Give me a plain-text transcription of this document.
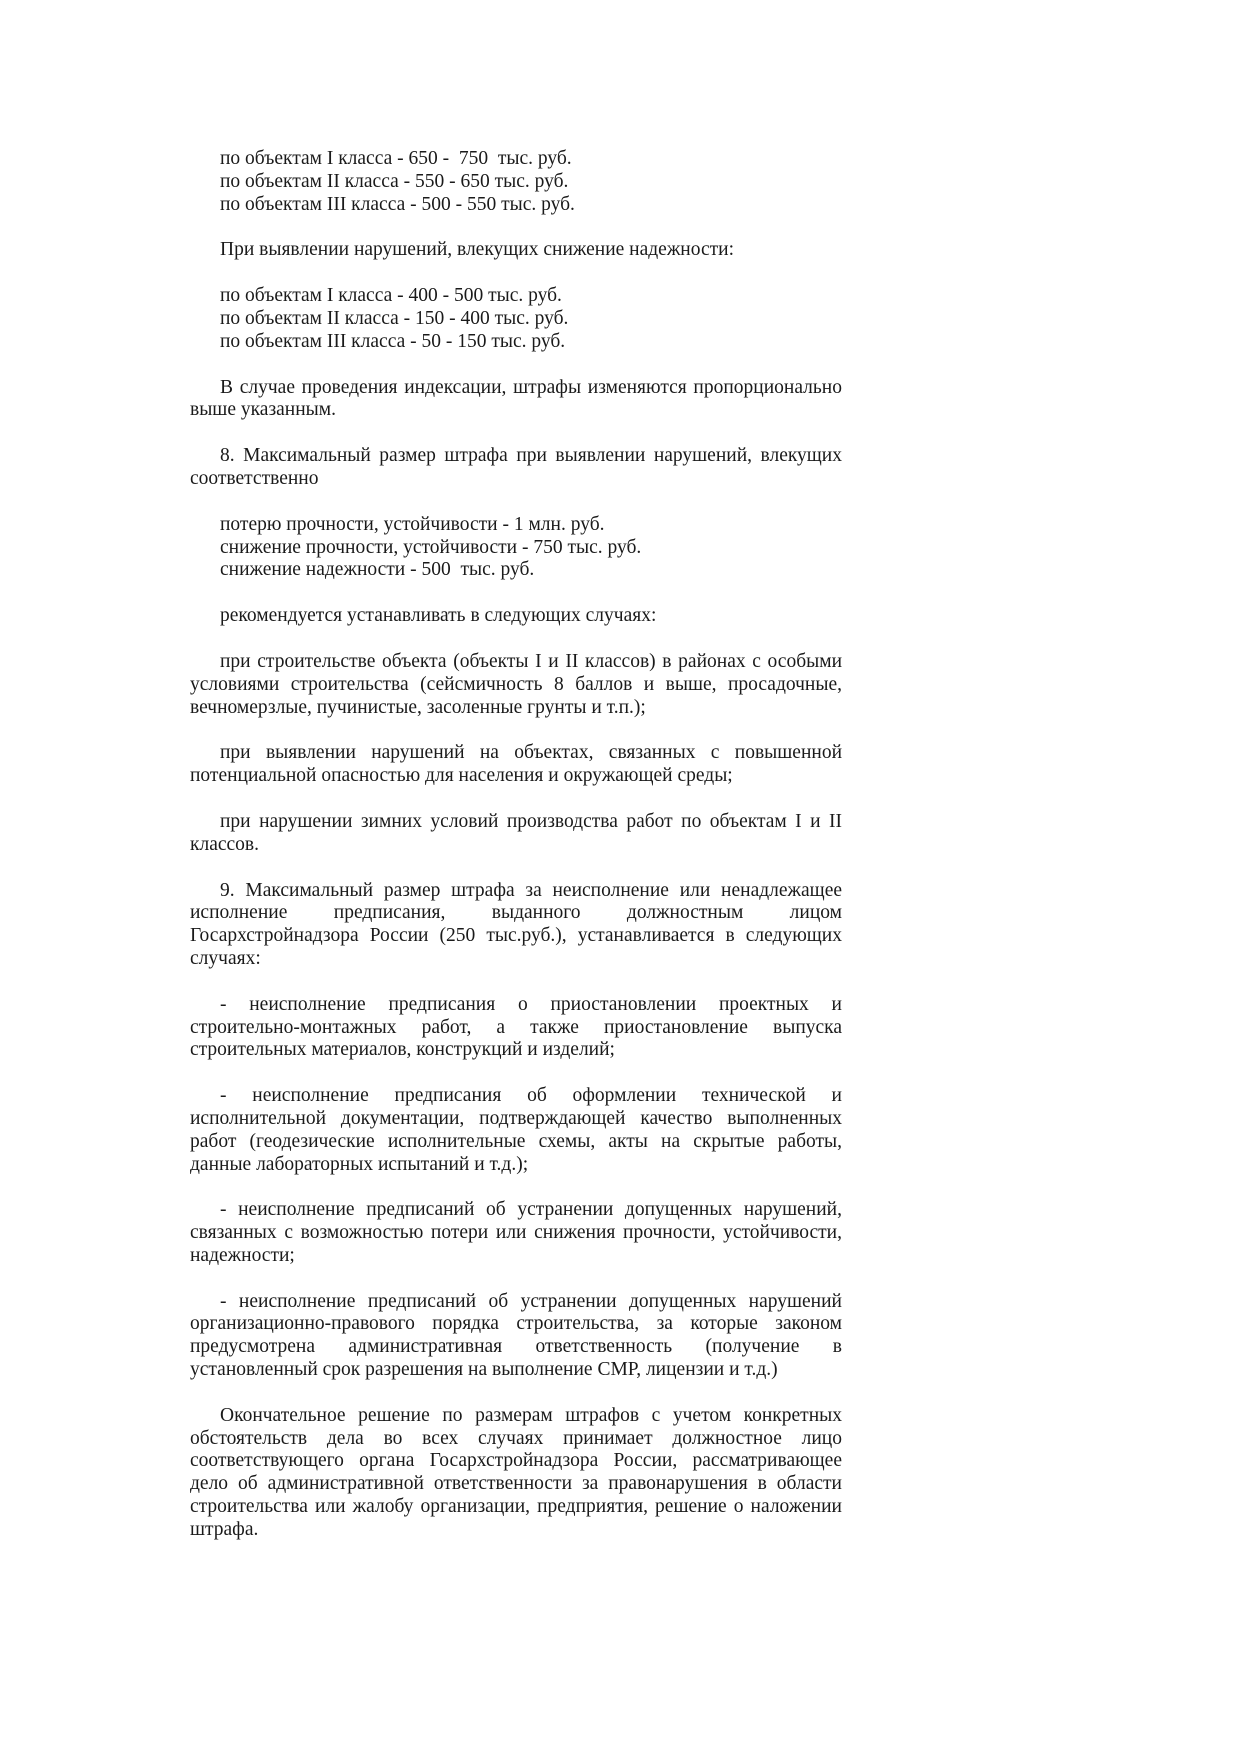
по объектам I класса - 650 -  750  тыс. руб.

по объектам II класса - 550 - 650 тыс. руб.

по объектам III класса - 500 - 550 тыс. руб.

При выявлении нарушений, влекущих снижение надежности:

по объектам I класса - 400 - 500 тыс. руб.

по объектам II класса - 150 - 400 тыс. руб.

по объектам III класса - 50 - 150 тыс. руб.

В случае проведения индексации, штрафы изменяются пропорционально выше указанным.

8. Максимальный размер штрафа при выявлении нарушений, влекущих соответственно

потерю прочности, устойчивости - 1 млн. руб.

снижение прочности, устойчивости - 750 тыс. руб.

снижение надежности - 500  тыс. руб.

рекомендуется устанавливать в следующих случаях:

при строительстве объекта (объекты I и II классов) в районах с особыми условиями строительства (сейсмичность 8 баллов и выше, просадочные, вечномерзлые, пучинистые, засоленные грунты и т.п.);

при выявлении нарушений на объектах, связанных с повышенной потенциальной опасностью для населения и окружающей среды;

при нарушении зимних условий производства работ по объектам I и II классов.

9. Максимальный размер штрафа за неисполнение или ненадлежащее исполнение предписания, выданного должностным лицом Госархстройнадзора России (250 тыс.руб.), устанавливается в следующих случаях:

- неисполнение предписания о приостановлении проектных и строительно-монтажных работ, а также приостановление выпуска строительных материалов, конструкций и изделий;

- неисполнение предписания об оформлении технической и исполнительной документации, подтверждающей качество выполненных работ (геодезические исполнительные схемы, акты на скрытые работы, данные лабораторных испытаний и т.д.);

- неисполнение предписаний об устранении допущенных нарушений, связанных с возможностью потери или снижения прочности, устойчивости, надежности;

- неисполнение предписаний об устранении допущенных нарушений организационно-правового порядка строительства, за которые законом предусмотрена административная ответственность (получение в установленный срок разрешения на выполнение СМР, лицензии и т.д.)

Окончательное решение по размерам штрафов с учетом конкретных обстоятельств дела во всех случаях принимает должностное лицо соответствующего органа Госархстройнадзора России, рассматривающее дело об административной ответственности за правонарушения в области строительства или жалобу организации, предприятия, решение о наложении штрафа.
